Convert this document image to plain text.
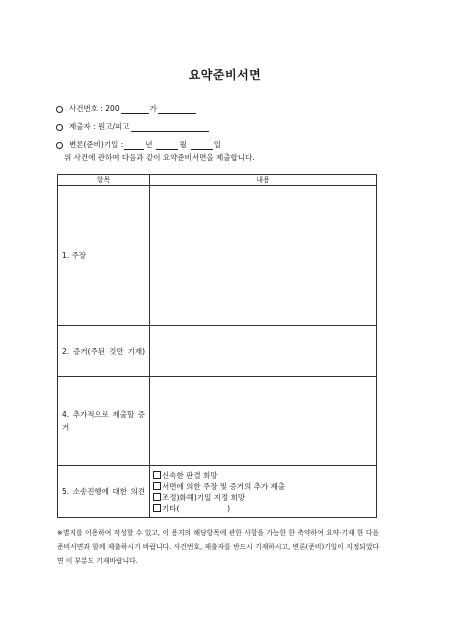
요약준비서면
사건번호 : 200	가
제출자 : 원고/피고
변론(준비)기일 :	년	월	일
위 사건에 관하여 다음과 같이 요약준비서면을 제출합니다.
항목	내용
1. 주장	
2. 증거(주된 것만 기재)	
4. 추가적으로 제출할 증거	
5. 소송진행에 대한 의견	신속한 판결 희망
서면에 의한 주장 및 증거의 추가 제출
조정)화해)기일 지정 희망
기타(                    )
※별지를 이용하여 작성할 수 있고, 이 용지의 해당항목에 관한 사항을 가능한 한 축약하여 요약·기재 한 다음 준비서면과 함께 제출하시기 바랍니다. 사건번호, 제출자를 반드시 기재하시고, 변론(준비)기일이 지정되었다면 이 부분도 기재바랍니다.
